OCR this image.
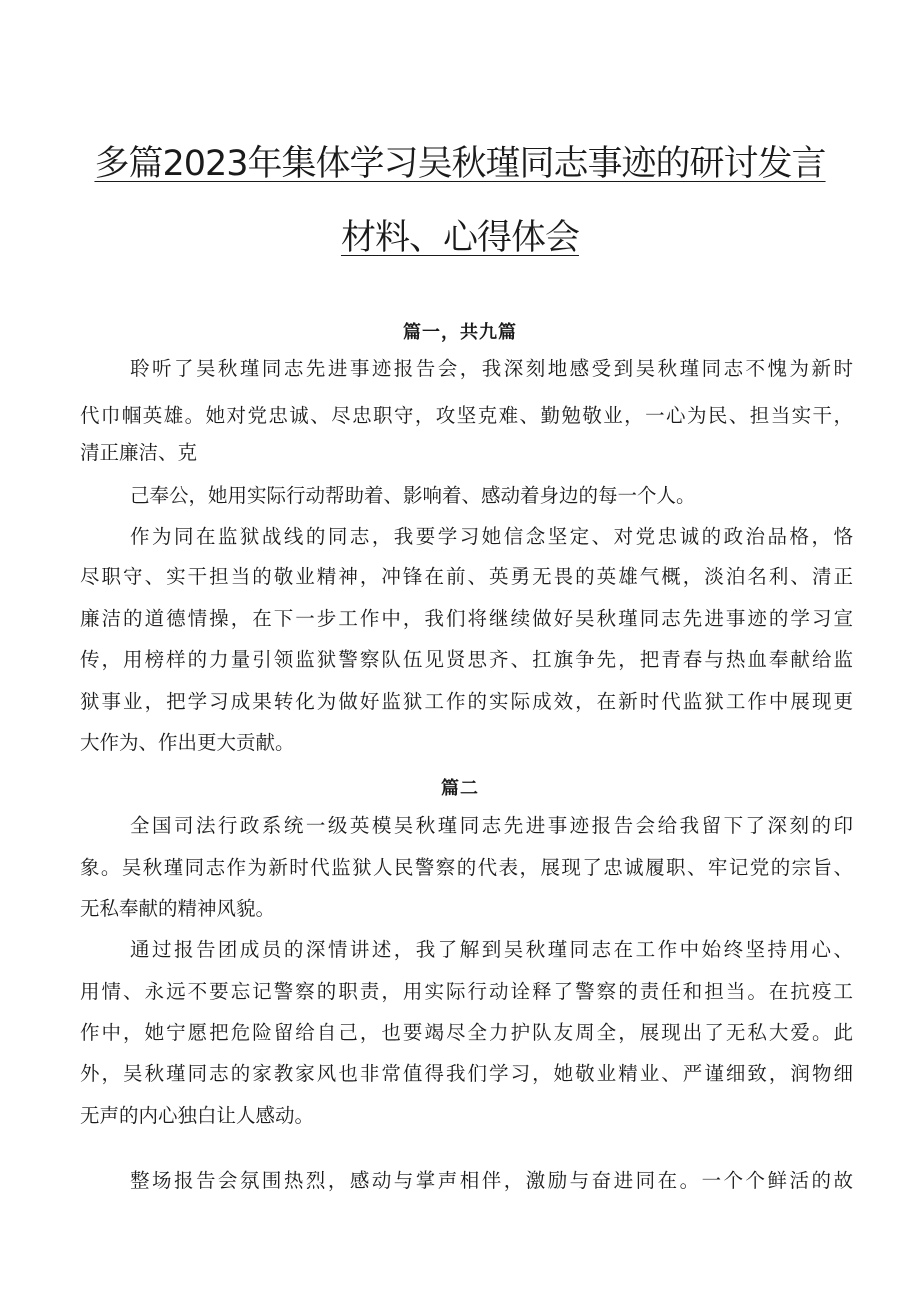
多篇2023年集体学习吴秋瑾同志事迹的研讨发言
材料、心得体会
篇一，共九篇
聆听了吴秋瑾同志先进事迹报告会，我深刻地感受到吴秋瑾同志不愧为新时
代巾帼英雄。她对党忠诚、尽忠职守，攻坚克难、勤勉敬业，一心为民、担当实干，
清正廉洁、克
己奉公，她用实际行动帮助着、影响着、感动着身边的每一个人。
作为同在监狱战线的同志，我要学习她信念坚定、对党忠诚的政治品格，恪
尽职守、实干担当的敬业精神，冲锋在前、英勇无畏的英雄气概，淡泊名利、清正
廉洁的道德情操，在下一步工作中，我们将继续做好吴秋瑾同志先进事迹的学习宣
传，用榜样的力量引领监狱警察队伍见贤思齐、扛旗争先，把青春与热血奉献给监
狱事业，把学习成果转化为做好监狱工作的实际成效，在新时代监狱工作中展现更
大作为、作出更大贡献。
篇二
全国司法行政系统一级英模吴秋瑾同志先进事迹报告会给我留下了深刻的印
象。吴秋瑾同志作为新时代监狱人民警察的代表，展现了忠诚履职、牢记党的宗旨、
无私奉献的精神风貌。
通过报告团成员的深情讲述，我了解到吴秋瑾同志在工作中始终坚持用心、
用情、永远不要忘记警察的职责，用实际行动诠释了警察的责任和担当。在抗疫工
作中，她宁愿把危险留给自己，也要竭尽全力护队友周全，展现出了无私大爱。此
外，吴秋瑾同志的家教家风也非常值得我们学习，她敬业精业、严谨细致，润物细
无声的内心独白让人感动。
整场报告会氛围热烈，感动与掌声相伴，激励与奋进同在。一个个鲜活的故
